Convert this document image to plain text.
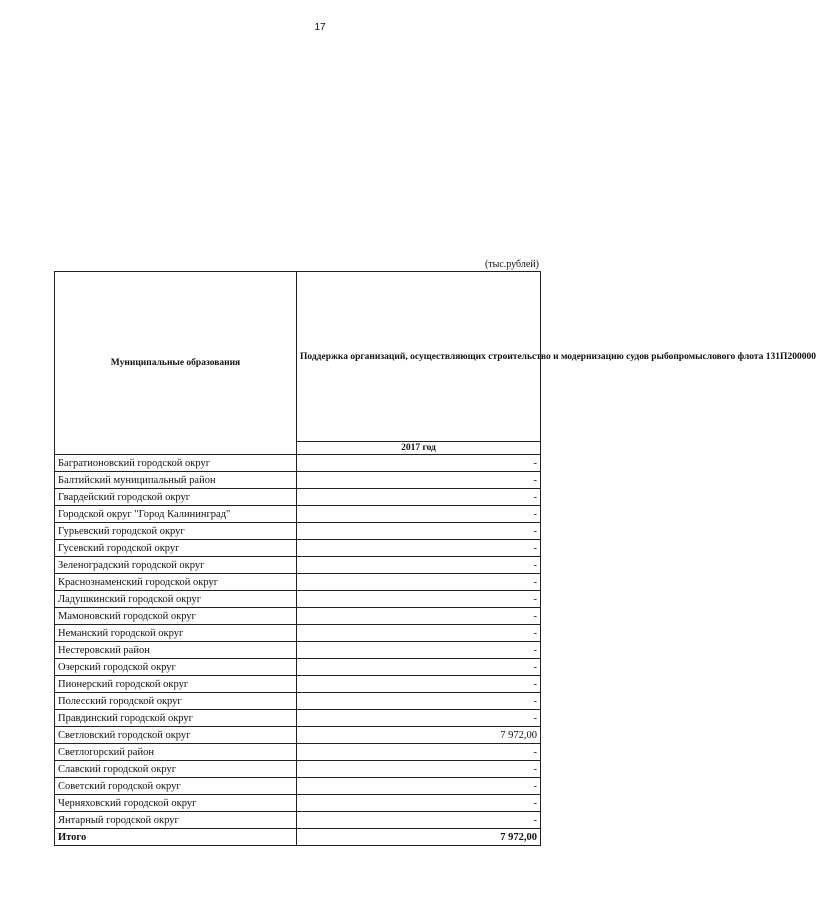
17
(тыс.рублей)
Муниципальные образования	Поддержка организаций, осуществляющих строительство и модернизацию судов рыбопромыслового флота 131П200000
	2017 год
Багратионовский городской округ	-
Балтийский муниципальный район	-
Гвардейский городской округ	-
Городской округ "Город Калининград"	-
Гурьевский городской округ	-
Гусевский городской округ	-
Зеленоградский городской округ	-
Краснознаменский городской округ	-
Ладушкинский городской округ	-
Мамоновский городской округ	-
Неманский городской округ	-
Нестеровский район	-
Озерский городской округ	-
Пионерский городской округ	-
Полесский городской округ	-
Правдинский городской округ	-
Светловский городской округ	7 972,00
Светлогорский район	-
Славский городской округ	-
Советский городской округ	-
Черняховский городской округ	-
Янтарный городской округ	-
Итого	7 972,00
